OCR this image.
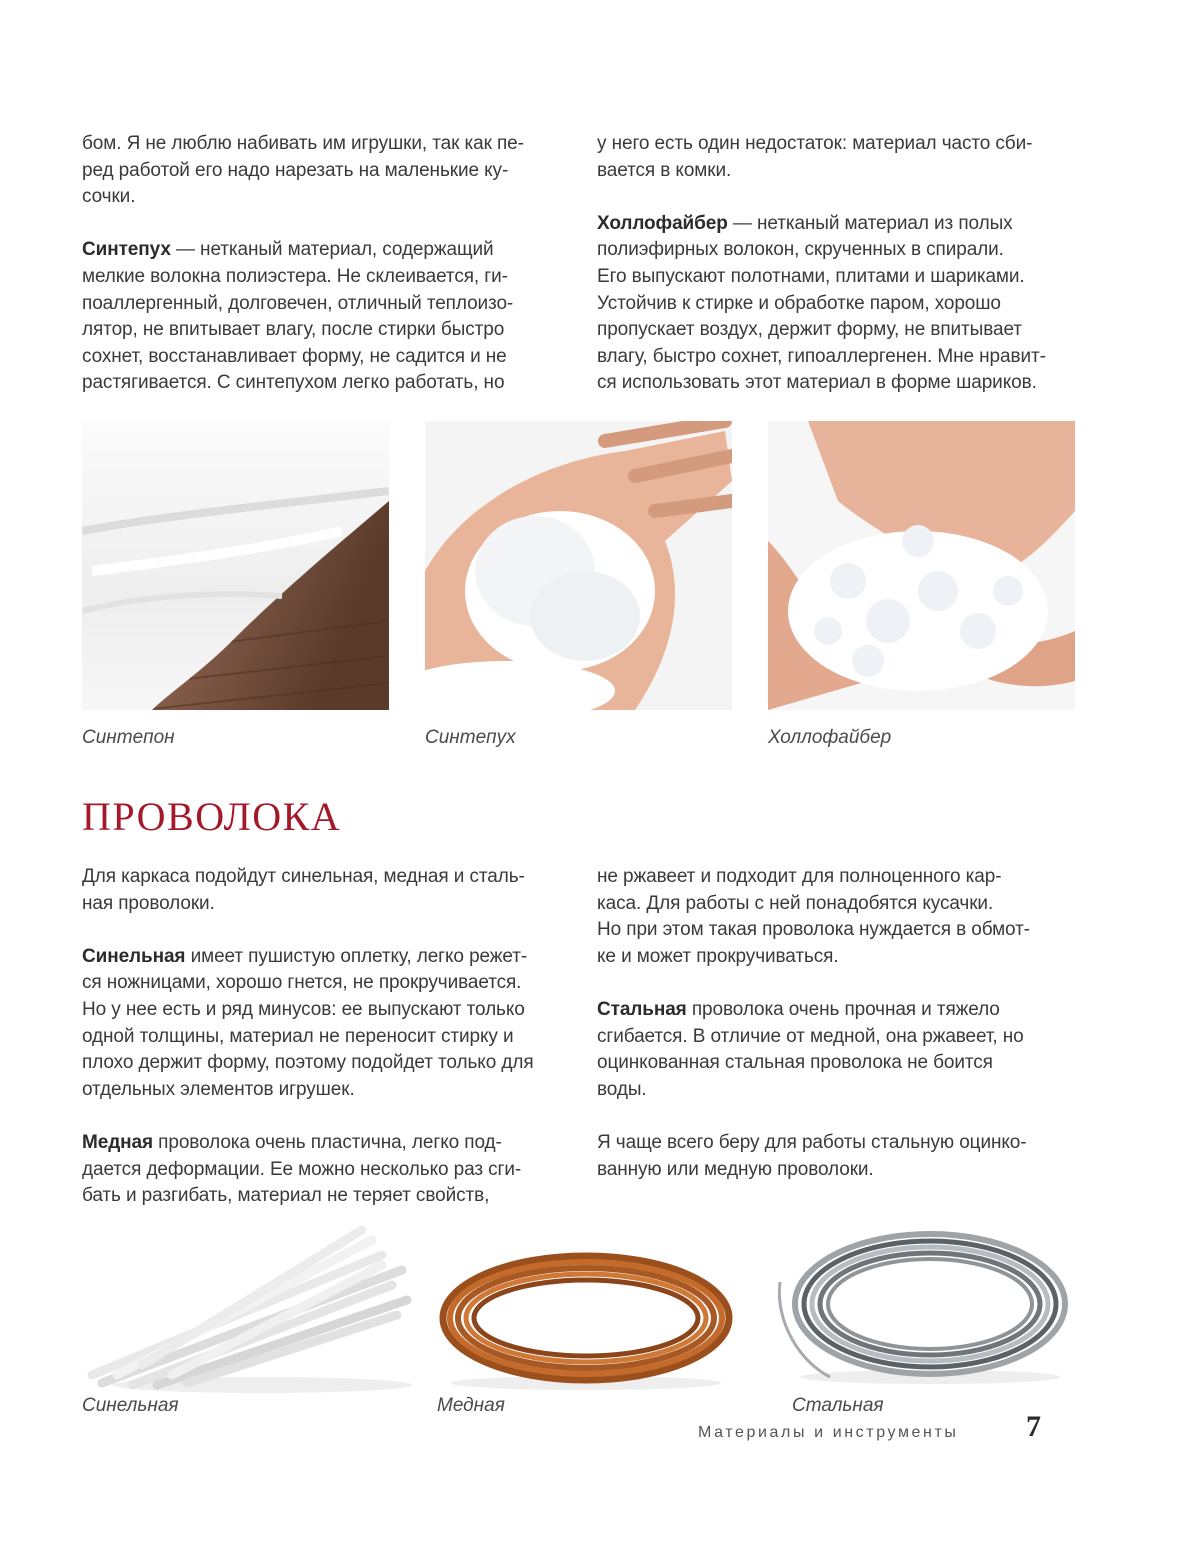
бом. Я не люблю набивать им игрушки, так как пе-
ред работой его надо нарезать на маленькие ку-
сочки.

Синтепух — нетканый материал, содержащий
мелкие волокна полиэстера. Не склеивается, ги-
поаллергенный, долговечен, отличный теплоизо-
лятор, не впитывает влагу, после стирки быстро
сохнет, восстанавливает форму, не садится и не
растягивается. С синтепухом легко работать, но

у него есть один недостаток: материал часто сби-
вается в комки.

Холлофайбер — нетканый материал из полых
полиэфирных волокон, скрученных в спирали.
Его выпускают полотнами, плитами и шариками.
Устойчив к стирке и обработке паром, хорошо
пропускает воздух, держит форму, не впитывает
влагу, быстро сохнет, гипоаллергенен. Мне нравит-
ся использовать этот материал в форме шариков.

Синтепон	Синтепух	Холлофайбер
ПРОВОЛОКА

Для каркаса подойдут синельная, медная и сталь-
ная проволоки.

Синельная имеет пушистую оплетку, легко режет-
ся ножницами, хорошо гнется, не прокручивается.
Но у нее есть и ряд минусов: ее выпускают только
одной толщины, материал не переносит стирку и
плохо держит форму, поэтому подойдет только для
отдельных элементов игрушек.

Медная проволока очень пластична, легко под-
дается деформации. Ее можно несколько раз сги-
бать и разгибать, материал не теряет свойств,

не ржавеет и подходит для полноценного кар-
каса. Для работы с ней понадобятся кусачки.
Но при этом такая проволока нуждается в обмот-
ке и может прокручиваться.

Стальная проволока очень прочная и тяжело
сгибается. В отличие от медной, она ржавеет, но
оцинкованная стальная проволока не боится
воды.

Я чаще всего беру для работы стальную оцинко-
ванную или медную проволоки.

Синельная	Медная	Стальная
Материалы и инструменты 7
